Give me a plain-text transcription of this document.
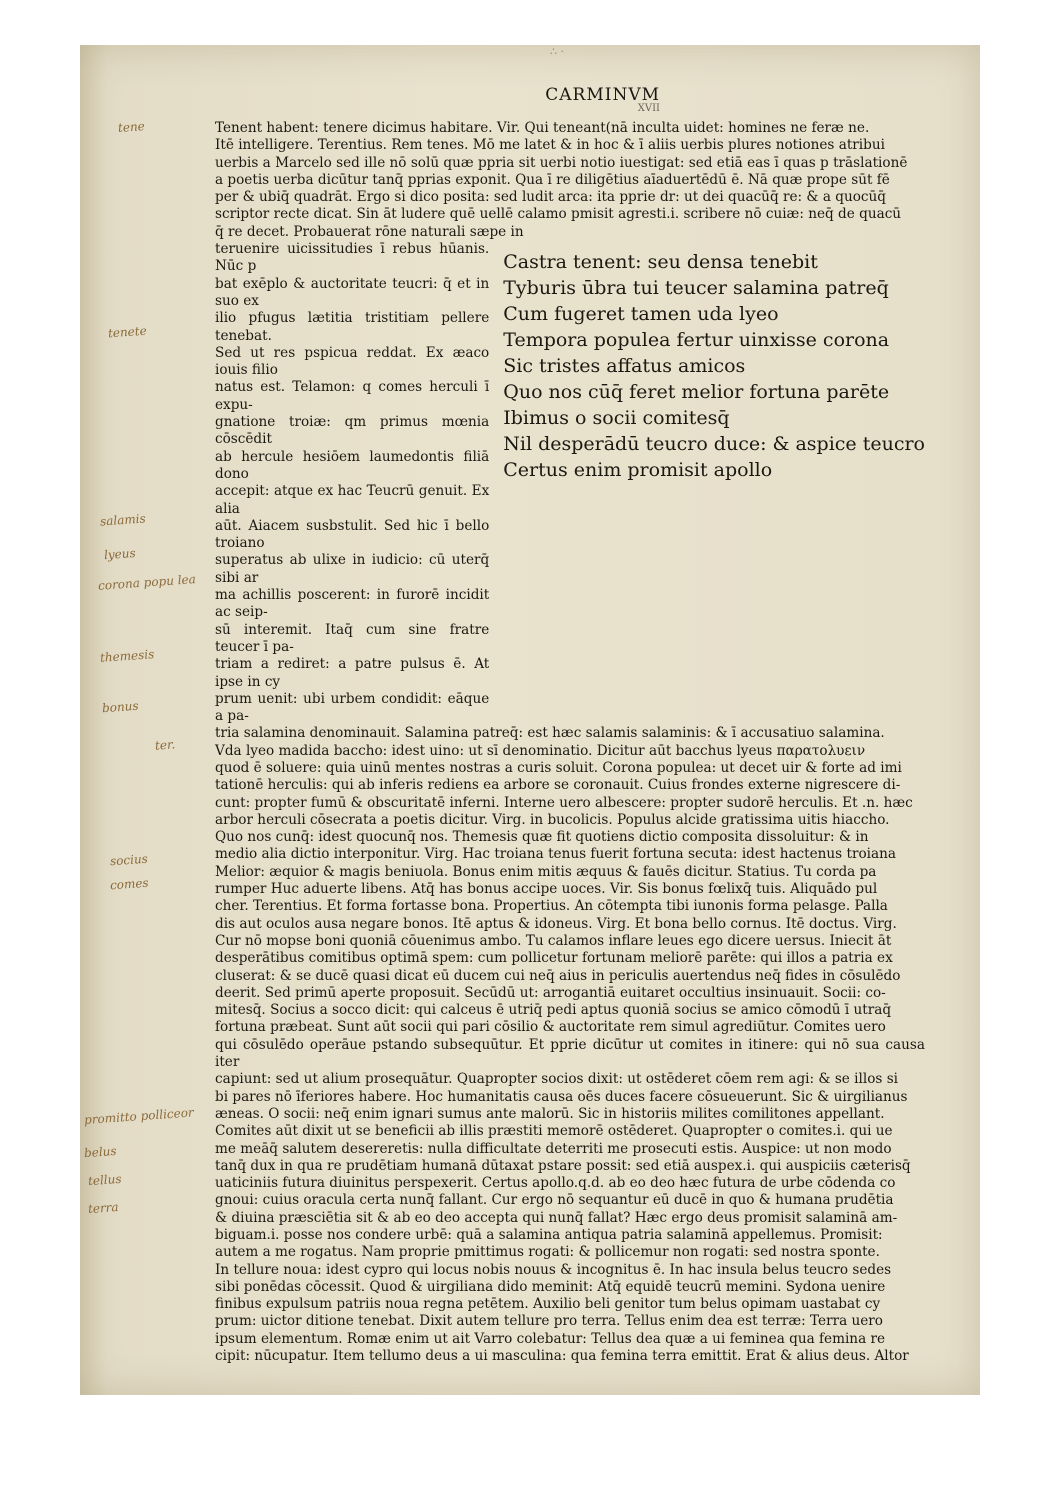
∴ ·
CARMINVM
XVII

Tenent habent: tenere dicimus habitare. Vir. Qui teneant(nā inculta uidet: homines ne feræ ne.

Itē intelligere. Terentius. Rem tenes. Mō me latet & in hoc & ī aliis uerbis plures notiones atribui

uerbis a Marcelo sed ille nō solū quæ ppria sit uerbi notio iuestigat: sed etiā eas ī quas p trāslationē

a poetis uerba dicūtur tanq̄ pprias exponit. Qua ī re diligētius aīaduertēdū ē. Nā quæ prope sūt fē

per & ubiq̄ quadrāt. Ergo si dico posita: sed ludit arca: ita pprie dr: ut dei quacūq̄ re: & a quocūq̄

scriptor recte dicat. Sin āt ludere quē uellē calamo pmisit agresti.i. scribere nō cuiæ: neq̄ de quacū

q̄ re decet. Probauerat rōne naturali sæpe in

teruenire uicissitudies ī rebus hūanis. Nūc p

bat exēplo & auctoritate teucri: q̄ et in suo ex

ilio pfugus lætitia tristitiam pellere tenebat.

Sed ut res pspicua reddat. Ex æaco iouis filio

natus est. Telamon: q comes herculi ī expu-

gnatione troiæ: qm primus mœnia cōscēdit

ab hercule hesiōem laumedontis filiā dono

accepit: atque ex hac Teucrū genuit. Ex alia

aūt. Aiacem susbstulit. Sed hic ī bello troiano

superatus ab ulixe in iudicio: cū uterq̄ sibi ar

ma achillis poscerent: in furorē incidit ac seip-

sū interemit. Itaq̄ cum sine fratre teucer ī pa-

triam a rediret: a patre pulsus ē. At ipse in cy

prum uenit: ubi urbem condidit: eāque a pa-

Castra tenent: seu densa tenebit
Tyburis ūbra tui teucer salamina patreq̄
Cum fugeret tamen uda lyeo
Tempora populea fertur uinxisse corona
Sic tristes affatus amicos
Quo nos cūq̄ feret melior fortuna parēte
Ibimus o socii comitesq̄
Nil desperādū teucro duce: & aspice teucro
Certus enim promisit apollo

tria salamina denominauit. Salamina patreq̄: est hæc salamis salaminis: & ī accusatiuo salamina.

Vda lyeo madida baccho: idest uino: ut sī denominatio. Dicitur aūt bacchus lyeus παρατολυειν

quod ē soluere: quia uinū mentes nostras a curis soluit. Corona populea: ut decet uir & forte ad imi

tationē herculis: qui ab inferis rediens ea arbore se coronauit. Cuius frondes externe nigrescere di-

cunt: propter fumū & obscuritatē inferni. Interne uero albescere: propter sudorē herculis. Et .n. hæc

arbor herculi cōsecrata a poetis dicitur. Virg. in bucolicis. Populus alcide gratissima uitis hiaccho.

Quo nos cunq̄: idest quocunq̄ nos. Themesis quæ fit quotiens dictio composita dissoluitur: & in

medio alia dictio interponitur. Virg. Hac troiana tenus fuerit fortuna secuta: idest hactenus troiana

Melior: æquior & magis beniuola. Bonus enim mitis æquus & fauēs dicitur. Statius. Tu corda pa

rumper Huc aduerte libens. Atq̄ has bonus accipe uoces. Vir. Sis bonus fœlixq̄ tuis. Aliquādo pul

cher. Terentius. Et forma fortasse bona. Propertius. An cōtempta tibi iunonis forma pelasge. Palla

dis aut oculos ausa negare bonos. Itē aptus & idoneus. Virg. Et bona bello cornus. Itē doctus. Virg.

Cur nō mopse boni quoniā cōuenimus ambo. Tu calamos inflare leues ego dicere uersus. Iniecit āt

desperātibus comitibus optimā spem: cum pollicetur fortunam meliorē parēte: qui illos a patria ex

cluserat: & se ducē quasi dicat eū ducem cui neq̄ aius in periculis auertendus neq̄ fides in cōsulēdo

deerit. Sed primū aperte proposuit. Secūdū ut: arrogantiā euitaret occultius insinuauit. Socii: co-

mitesq̄. Socius a socco dicit: qui calceus ē utriq̄ pedi aptus quoniā socius se amico cōmodū ī utraq̄

fortuna præbeat. Sunt aūt socii qui pari cōsilio & auctoritate rem simul agrediūtur. Comites uero

qui cōsulēdo operāue pstando subsequūtur. Et pprie dicūtur ut comites in itinere: qui nō sua causa iter

capiunt: sed ut alium prosequātur. Quapropter socios dixit: ut ostēderet cōem rem agi: & se illos si

bi pares nō īferiores habere. Hoc humanitatis causa oēs duces facere cōsueuerunt. Sic & uirgilianus

æneas. O socii: neq̄ enim ignari sumus ante malorū. Sic in historiis milites comilitones appellant.

Comites aūt dixit ut se beneficii ab illis præstiti memorē ostēderet. Quapropter o comites.i. qui ue

me meāq̄ salutem desereretis: nulla difficultate deterriti me prosecuti estis. Auspice: ut non modo

tanq̄ dux in qua re prudētiam humanā dūtaxat pstare possit: sed etiā auspex.i. qui auspiciis cæterisq̄

uaticiniis futura diuinitus perspexerit. Certus apollo.q.d. ab eo deo hæc futura de urbe cōdenda co

gnoui: cuius oracula certa nunq̄ fallant. Cur ergo nō sequantur eū ducē in quo & humana prudētia

& diuina præsciētia sit & ab eo deo accepta qui nunq̄ fallat? Hæc ergo deus promisit salaminā am-

biguam.i. posse nos condere urbē: quā a salamina antiqua patria salaminā appellemus. Promisit:

autem a me rogatus. Nam proprie pmittimus rogati: & pollicemur non rogati: sed nostra sponte.

In tellure noua: idest cypro qui locus nobis nouus & incognitus ē. In hac insula belus teucro sedes

sibi ponēdas cōcessit. Quod & uirgiliana dido meminit: Atq̄ equidē teucrū memini. Sydona uenire

finibus expulsum patriis noua regna petētem. Auxilio beli genitor tum belus opimam uastabat cy

prum: uictor ditione tenebat. Dixit autem tellure pro terra. Tellus enim dea est terræ: Terra uero

ipsum elementum. Romæ enim ut ait Varro colebatur: Tellus dea quæ a ui feminea qua femina re

cipit: nūcupatur. Item tellumo deus a ui masculina: qua femina terra emittit. Erat & alius deus. Altor

tene
tenete
salamis
lyeus
corona popu lea
themesis
bonus
ter.
socius
comes
promitto polliceor
belus
tellus
terra
